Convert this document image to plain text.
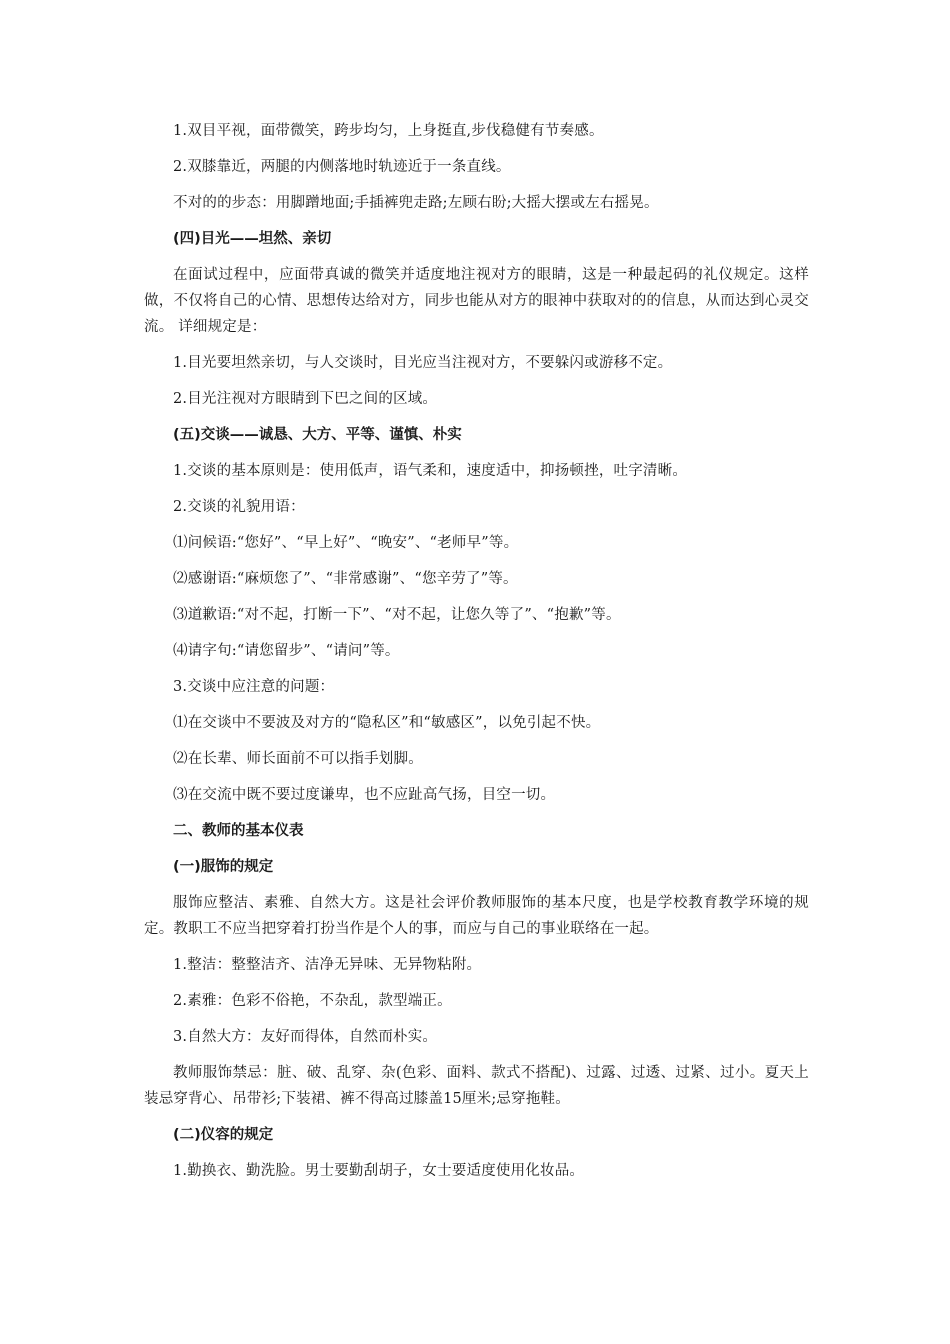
1.双目平视，面带微笑，跨步均匀，上身挺直,步伐稳健有节奏感。
2.双膝靠近，两腿的内侧落地时轨迹近于一条直线。
不对的的步态：用脚蹭地面;手插裤兜走路;左顾右盼;大摇大摆或左右摇晃。
(四)目光——坦然、亲切
在面试过程中，应面带真诚的微笑并适度地注视对方的眼睛，这是一种最起码的礼仪规定。这样做，不仅将自己的心情、思想传达给对方，同步也能从对方的眼神中获取对的的信息，从而达到心灵交流。 详细规定是：
1.目光要坦然亲切，与人交谈时，目光应当注视对方，不要躲闪或游移不定。
2.目光注视对方眼睛到下巴之间的区域。
(五)交谈——诚恳、大方、平等、谨慎、朴实
1.交谈的基本原则是：使用低声，语气柔和，速度适中，抑扬顿挫，吐字清晰。
2.交谈的礼貌用语：
⑴问候语:“您好”、“早上好”、“晚安”、“老师早”等。
⑵感谢语:“麻烦您了”、“非常感谢”、“您辛劳了”等。
⑶道歉语:“对不起，打断一下”、“对不起，让您久等了”、“抱歉”等。
⑷请字句:“请您留步”、“请问”等。
3.交谈中应注意的问题：
⑴在交谈中不要波及对方的“隐私区”和“敏感区”，以免引起不快。
⑵在长辈、师长面前不可以指手划脚。
⑶在交流中既不要过度谦卑，也不应趾高气扬，目空一切。
二、教师的基本仪表
(一)服饰的规定
服饰应整洁、素雅、自然大方。这是社会评价教师服饰的基本尺度，也是学校教育教学环境的规定。教职工不应当把穿着打扮当作是个人的事，而应与自己的事业联络在一起。
1.整洁：整整洁齐、洁净无异味、无异物粘附。
2.素雅：色彩不俗艳，不杂乱，款型端正。
3.自然大方：友好而得体，自然而朴实。
教师服饰禁忌：脏、破、乱穿、杂(色彩、面料、款式不搭配)、过露、过透、过紧、过小。夏天上装忌穿背心、吊带衫;下装裙、裤不得高过膝盖15厘米;忌穿拖鞋。
(二)仪容的规定
1.勤换衣、勤洗脸。男士要勤刮胡子，女士要适度使用化妆品。
